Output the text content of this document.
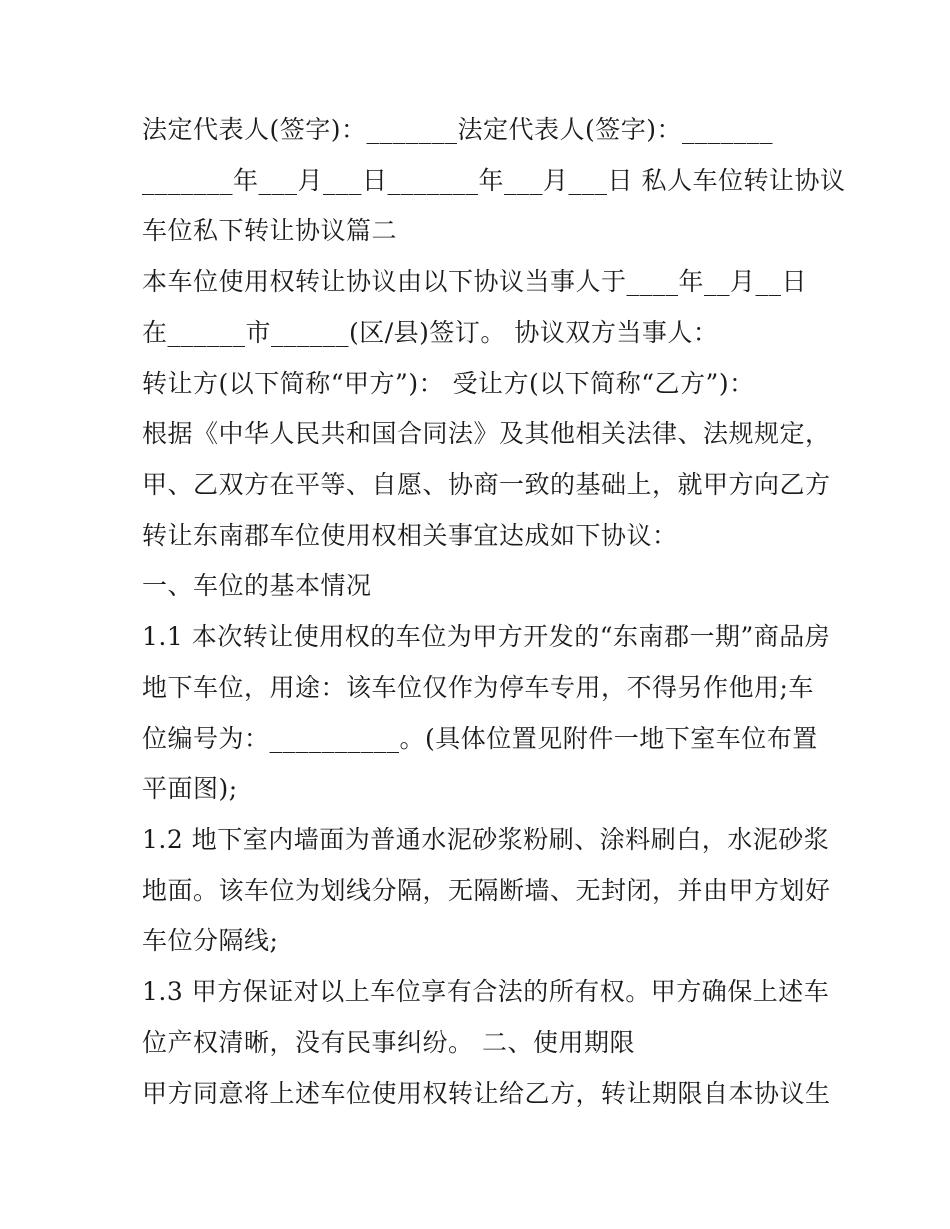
法定代表人(签字)：_______法定代表人(签字)：_______
_______年___月___日_______年___月___日 私人车位转让协议
车位私下转让协议篇二
本车位使用权转让协议由以下协议当事人于____年__月__日
在______市______(区/县)签订。 协议双方当事人：
转让方(以下简称“甲方”)： 受让方(以下简称“乙方”)：
根据《中华人民共和国合同法》及其他相关法律、法规规定，
甲、乙双方在平等、自愿、协商一致的基础上，就甲方向乙方
转让东南郡车位使用权相关事宜达成如下协议：
一、车位的基本情况
1.1 本次转让使用权的车位为甲方开发的“东南郡一期”商品房
地下车位，用途：该车位仅作为停车专用，不得另作他用;车
位编号为：__________。(具体位置见附件一地下室车位布置
平面图);
1.2 地下室内墙面为普通水泥砂浆粉刷、涂料刷白，水泥砂浆
地面。该车位为划线分隔，无隔断墙、无封闭，并由甲方划好
车位分隔线;
1.3 甲方保证对以上车位享有合法的所有权。甲方确保上述车
位产权清晰，没有民事纠纷。 二、使用期限
甲方同意将上述车位使用权转让给乙方，转让期限自本协议生
